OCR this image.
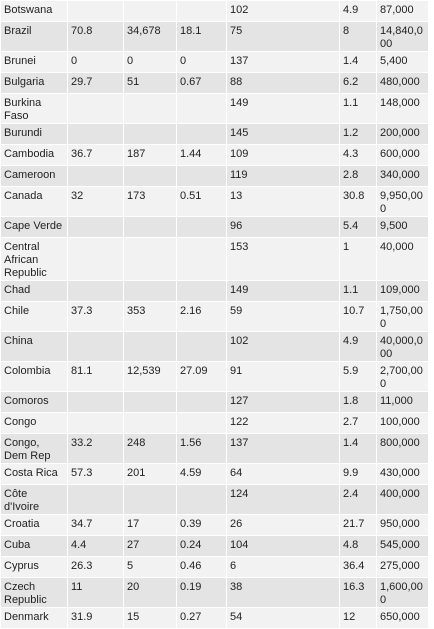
Botswana				102	4.9	87,000
Brazil	70.8	34,678	18.1	75	8	14,840,000
Brunei	0	0	0	137	1.4	5,400
Bulgaria	29.7	51	0.67	88	6.2	480,000
Burkina Faso				149	1.1	148,000
Burundi				145	1.2	200,000
Cambodia	36.7	187	1.44	109	4.3	600,000
Cameroon				119	2.8	340,000
Canada	32	173	0.51	13	30.8	9,950,000
Cape Verde				96	5.4	9,500
Central African Republic				153	1	40,000
Chad				149	1.1	109,000
Chile	37.3	353	2.16	59	10.7	1,750,000
China				102	4.9	40,000,000
Colombia	81.1	12,539	27.09	91	5.9	2,700,000
Comoros				127	1.8	11,000
Congo				122	2.7	100,000
Congo, Dem Rep	33.2	248	1.56	137	1.4	800,000
Costa Rica	57.3	201	4.59	64	9.9	430,000
Côte d'Ivoire				124	2.4	400,000
Croatia	34.7	17	0.39	26	21.7	950,000
Cuba	4.4	27	0.24	104	4.8	545,000
Cyprus	26.3	5	0.46	6	36.4	275,000
Czech Republic	11	20	0.19	38	16.3	1,600,000
Denmark	31.9	15	0.27	54	12	650,000
